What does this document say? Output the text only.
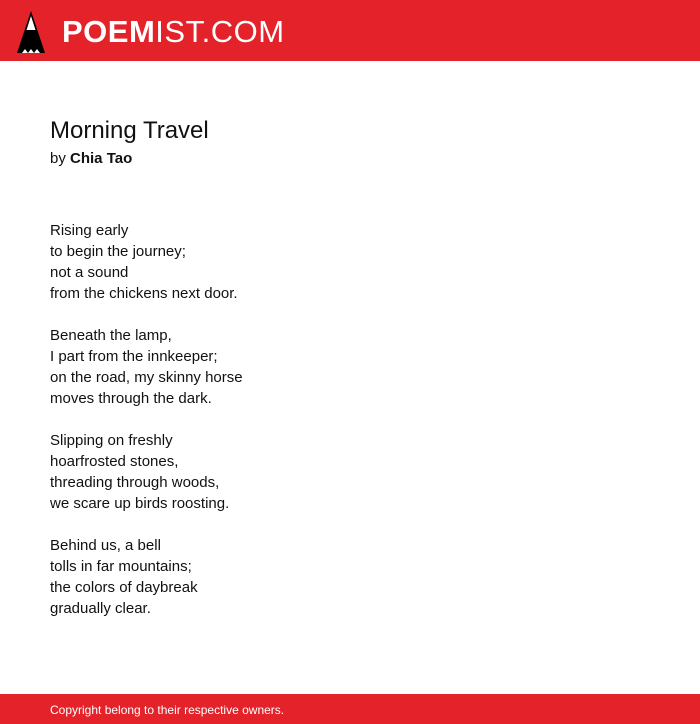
POEMIST.COM
Morning Travel
by Chia Tao
Rising early
to begin the journey;
not a sound
from the chickens next door.
Beneath the lamp,
I part from the innkeeper;
on the road, my skinny horse
moves through the dark.
Slipping on freshly
hoarfrosted stones,
threading through woods,
we scare up birds roosting.
Behind us, a bell
tolls in far mountains;
the colors of daybreak
gradually clear.
Copyright belong to their respective owners.
